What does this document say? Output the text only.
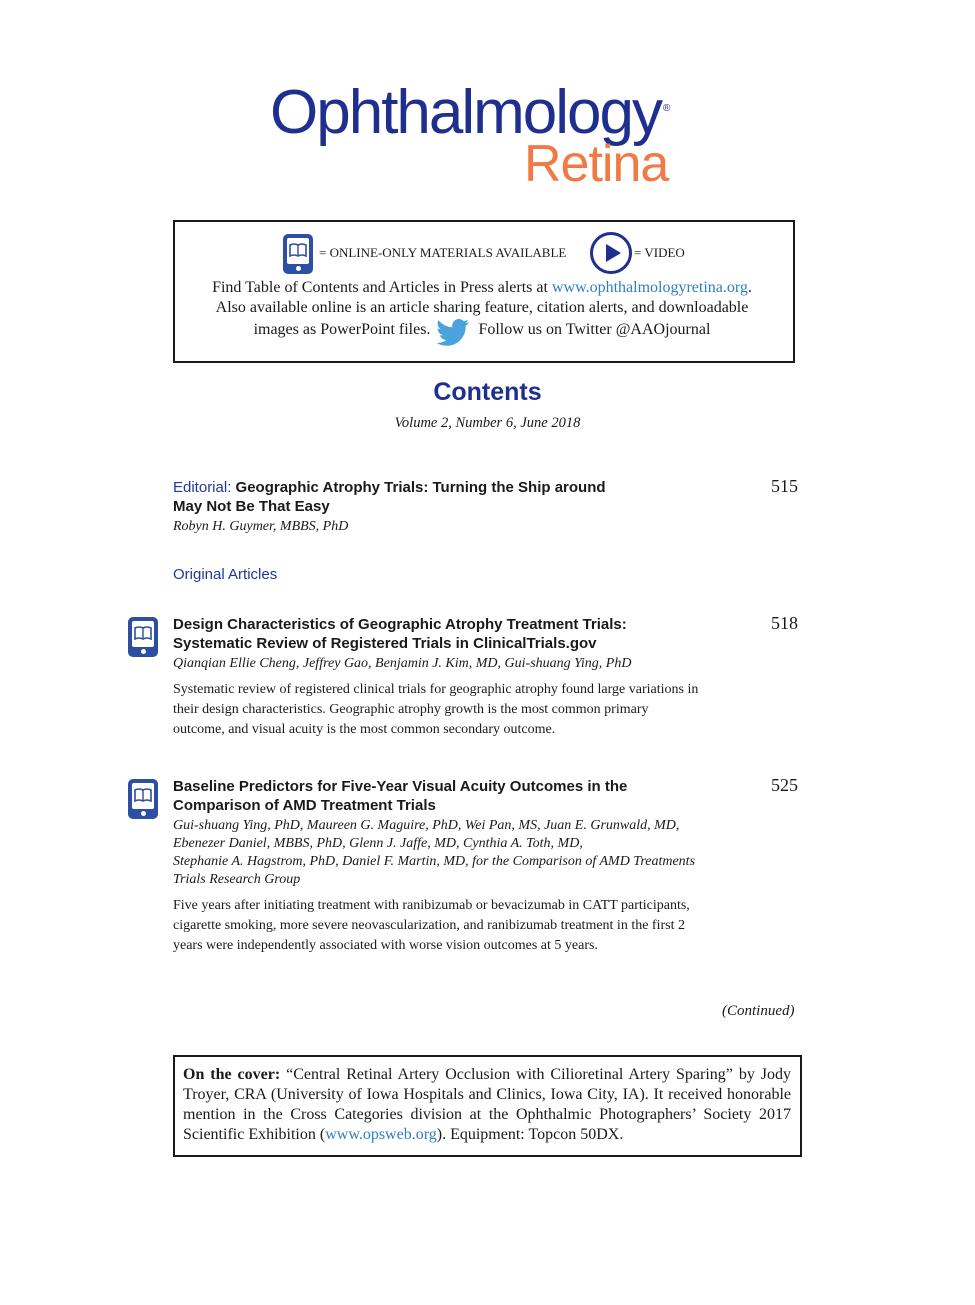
Ophthalmology ®
Retina
= ONLINE-ONLY MATERIALS AVAILABLE	= VIDEO
Find Table of Contents and Articles in Press alerts at www.ophthalmologyretina.org.
Also available online is an article sharing feature, citation alerts, and downloadable
images as PowerPoint files.	Follow us on Twitter @AAOjournal
Contents
Volume 2, Number 6, June 2018
Editorial: Geographic Atrophy Trials: Turning the Ship around
May Not Be That Easy
Robyn H. Guymer, MBBS, PhD
515
Original Articles
Design Characteristics of Geographic Atrophy Treatment Trials:
Systematic Review of Registered Trials in ClinicalTrials.gov
Qianqian Ellie Cheng, Jeffrey Gao, Benjamin J. Kim, MD, Gui-shuang Ying, PhD
Systematic review of registered clinical trials for geographic atrophy found large variations in
their design characteristics. Geographic atrophy growth is the most common primary
outcome, and visual acuity is the most common secondary outcome.
518
Baseline Predictors for Five-Year Visual Acuity Outcomes in the
Comparison of AMD Treatment Trials
Gui-shuang Ying, PhD, Maureen G. Maguire, PhD, Wei Pan, MS, Juan E. Grunwald, MD,
Ebenezer Daniel, MBBS, PhD, Glenn J. Jaffe, MD, Cynthia A. Toth, MD,
Stephanie A. Hagstrom, PhD, Daniel F. Martin, MD, for the Comparison of AMD Treatments
Trials Research Group
Five years after initiating treatment with ranibizumab or bevacizumab in CATT participants,
cigarette smoking, more severe neovascularization, and ranibizumab treatment in the first 2
years were independently associated with worse vision outcomes at 5 years.
525
(Continued)
On the cover: “Central Retinal Artery Occlusion with Cilioretinal Artery Sparing” by Jody
Troyer, CRA (University of Iowa Hospitals and Clinics, Iowa City, IA). It received honorable
mention in the Cross Categories division at the Ophthalmic Photographers’ Society 2017
Scientific Exhibition (www.opsweb.org). Equipment: Topcon 50DX.
